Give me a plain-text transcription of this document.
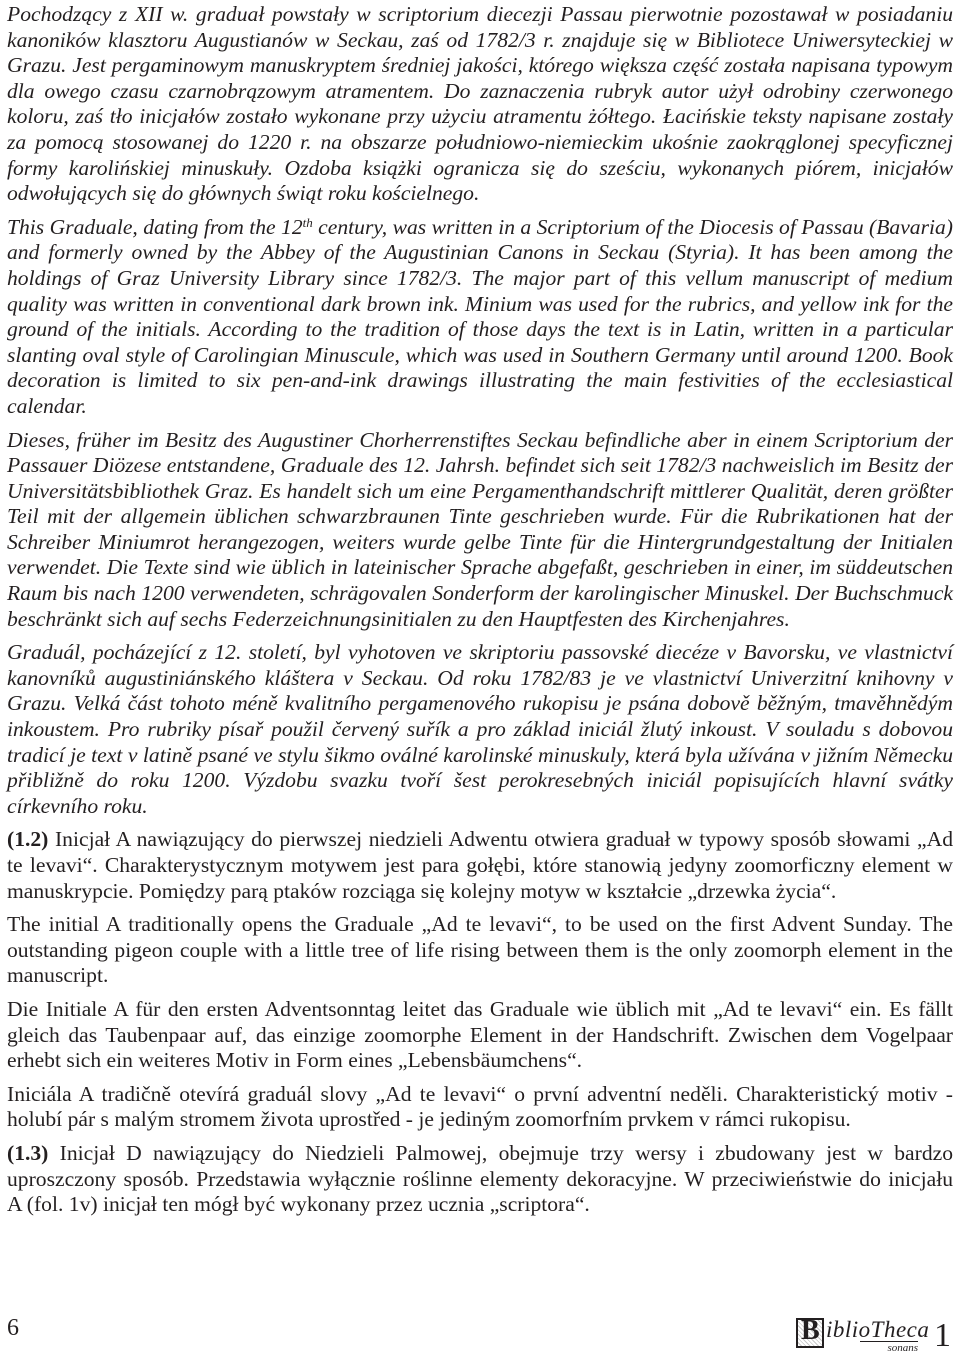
Pochodzący z XII w. graduał powstały w scriptorium diecezji Passau pierwotnie pozostawał w posiadaniu kanoników klasztoru Augustianów w Seckau, zaś od 1782/3 r. znajduje się w Bibliotece Uniwersyteckiej w Grazu. Jest pergaminowym manuskryptem średniej jakości, którego większa część została napisana typowym dla owego czasu czarnobrązowym atramentem. Do zaznaczenia rubryk autor użył odrobiny czerwonego koloru, zaś tło inicjałów zostało wykonane przy użyciu atramentu żółtego. Łacińskie teksty napisane zostały za pomocą stosowanej do 1220 r. na obszarze południowo-niemieckim ukośnie zaokrąglonej specyficznej formy karolińskiej minuskuły. Ozdoba książki ogranicza się do sześciu, wykonanych piórem, inicjałów odwołujących się do głównych świąt roku kościelnego.

This Graduale, dating from the 12th century, was written in a Scriptorium of the Diocesis of Passau (Bavaria) and formerly owned by the Abbey of the Augustinian Canons in Seckau (Styria). It has been among the holdings of Graz University Library since 1782/3. The major part of this vellum manuscript of medium quality was written in conventional dark brown ink. Minium was used for the rubrics, and yellow ink for the ground of the initials. According to the tradition of those days the text is in Latin, written in a particular slanting oval style of Carolingian Minuscule, which was used in Southern Germany until around 1200. Book decoration is limited to six pen-and-ink drawings illustrating the main festivities of the ecclesiastical calendar.

Dieses, früher im Besitz des Augustiner Chorherrenstiftes Seckau befindliche aber in einem Scriptorium der Passauer Diözese entstandene, Graduale des 12. Jahrsh. befindet sich seit 1782/3 nachweislich im Besitz der Universitätsbibliothek Graz. Es handelt sich um eine Pergamenthandschrift mittlerer Qualität, deren größter Teil mit der allgemein üblichen schwarzbraunen Tinte geschrieben wurde. Für die Rubrikationen hat der Schreiber Miniumrot herangezogen, weiters wurde gelbe Tinte für die Hintergrundgestaltung der Initialen verwendet. Die Texte sind wie üblich in lateinischer Sprache abgefaßt, geschrieben in einer, im süddeutschen Raum bis nach 1200 verwendeten, schrägovalen Sonderform der karolingischer Minuskel. Der Buchschmuck beschränkt sich auf sechs Federzeichnungsinitialen zu den Hauptfesten des Kirchenjahres.

Graduál, pocházející z 12. století, byl vyhotoven ve skriptoriu passovské diecéze v Bavorsku, ve vlastnictví kanovníků augustiniánského kláštera v Seckau. Od roku 1782/83 je ve vlastnictví Univerzitní knihovny v Grazu. Velká část tohoto méně kvalitního pergamenového rukopisu je psána dobově běžným, tmavěhnědým inkoustem. Pro rubriky písař použil červený suřík a pro základ iniciál žlutý inkoust. V souladu s dobovou tradicí je text v latině psané ve stylu šikmo oválné karolinské minuskuly, která byla užívána v jižním Německu přibližně do roku 1200. Výzdobu svazku tvoří šest perokresebných iniciál popisujících hlavní svátky církevního roku.

(1.2) Inicjał A nawiązujący do pierwszej niedzieli Adwentu otwiera graduał w typowy sposób słowami „Ad te levavi“. Charakterystycznym motywem jest para gołębi, które stanowią jedyny zoomorficzny element w manuskrypcie. Pomiędzy parą ptaków rozciąga się kolejny motyw w kształcie „drzewka życia“.

The initial A traditionally opens the Graduale „Ad te levavi“, to be used on the first Advent Sunday. The outstanding pigeon couple with a little tree of life rising between them is the only zoomorph element in the manuscript.

Die Initiale A für den ersten Adventsonntag leitet das Graduale wie üblich mit „Ad te levavi“ ein. Es fällt gleich das Taubenpaar auf, das einzige zoomorphe Element in der Handschrift. Zwischen dem Vogelpaar erhebt sich ein weiteres Motiv in Form eines „Lebensbäumchens“.

Iniciála A tradičně otevírá graduál slovy „Ad te levavi“ o první adventní neděli. Charakteristický motiv - holubí pár s malým stromem života uprostřed - je jediným zoomorfním prvkem v rámci rukopisu.

(1.3) Inicjał D nawiązujący do Niedzieli Palmowej, obejmuje trzy wersy i zbudowany jest w bardzo uproszczony sposób. Przedstawia wyłącznie roślinne elementy dekoracyjne. W przeciwieństwie do inicjału A (fol. 1v) inicjał ten mógł być wykonany przez ucznia „scriptora“.

6	B iblioTheca
sonans 1
